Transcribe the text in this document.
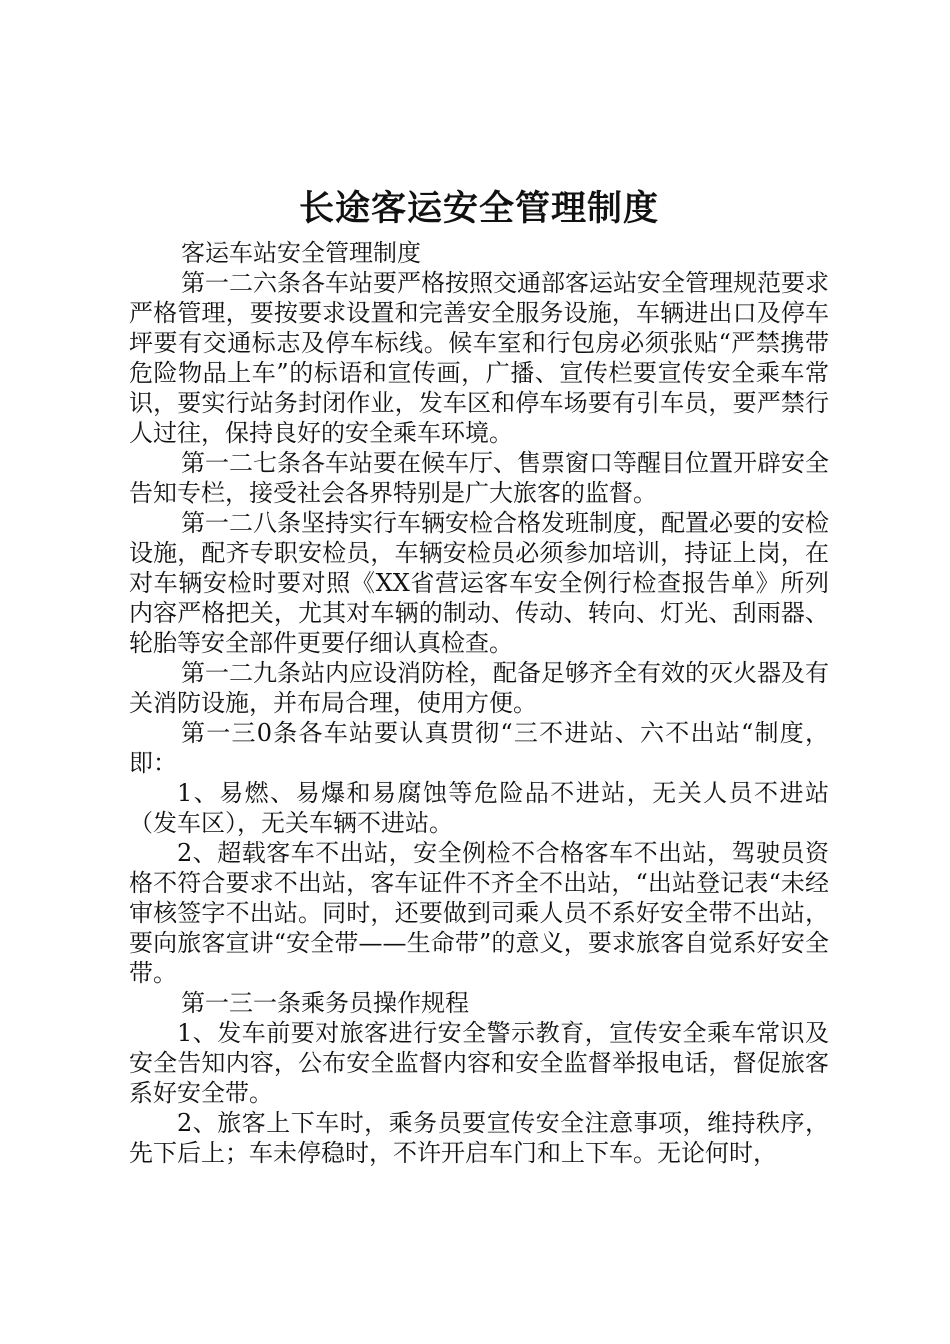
长途客运安全管理制度

客运车站安全管理制度

第一二六条各车站要严格按照交通部客运站安全管理规范要求严格管理，要按要求设置和完善安全服务设施，车辆进出口及停车坪要有交通标志及停车标线。候车室和行包房必须张贴“严禁携带危险物品上车”的标语和宣传画，广播、宣传栏要宣传安全乘车常识，要实行站务封闭作业，发车区和停车场要有引车员，要严禁行人过往，保持良好的安全乘车环境。

第一二七条各车站要在候车厅、售票窗口等醒目位置开辟安全告知专栏，接受社会各界特别是广大旅客的监督。

第一二八条坚持实行车辆安检合格发班制度，配置必要的安检设施，配齐专职安检员，车辆安检员必须参加培训，持证上岗，在对车辆安检时要对照《XX省营运客车安全例行检查报告单》所列内容严格把关，尤其对车辆的制动、传动、转向、灯光、刮雨器、轮胎等安全部件更要仔细认真检查。

第一二九条站内应设消防栓，配备足够齐全有效的灭火器及有关消防设施，并布局合理，使用方便。

第一三0条各车站要认真贯彻“三不进站、六不出站“制度，即：

1、易燃、易爆和易腐蚀等危险品不进站，无关人员不进站（发车区），无关车辆不进站。

2、超载客车不出站，安全例检不合格客车不出站，驾驶员资格不符合要求不出站，客车证件不齐全不出站，“出站登记表“未经审核签字不出站。同时，还要做到司乘人员不系好安全带不出站，要向旅客宣讲“安全带——生命带”的意义，要求旅客自觉系好安全带。

第一三一条乘务员操作规程

1、发车前要对旅客进行安全警示教育，宣传安全乘车常识及安全告知内容，公布安全监督内容和安全监督举报电话，督促旅客系好安全带。

2、旅客上下车时，乘务员要宣传安全注意事项，维持秩序，先下后上；车未停稳时，不许开启车门和上下车。无论何时，
